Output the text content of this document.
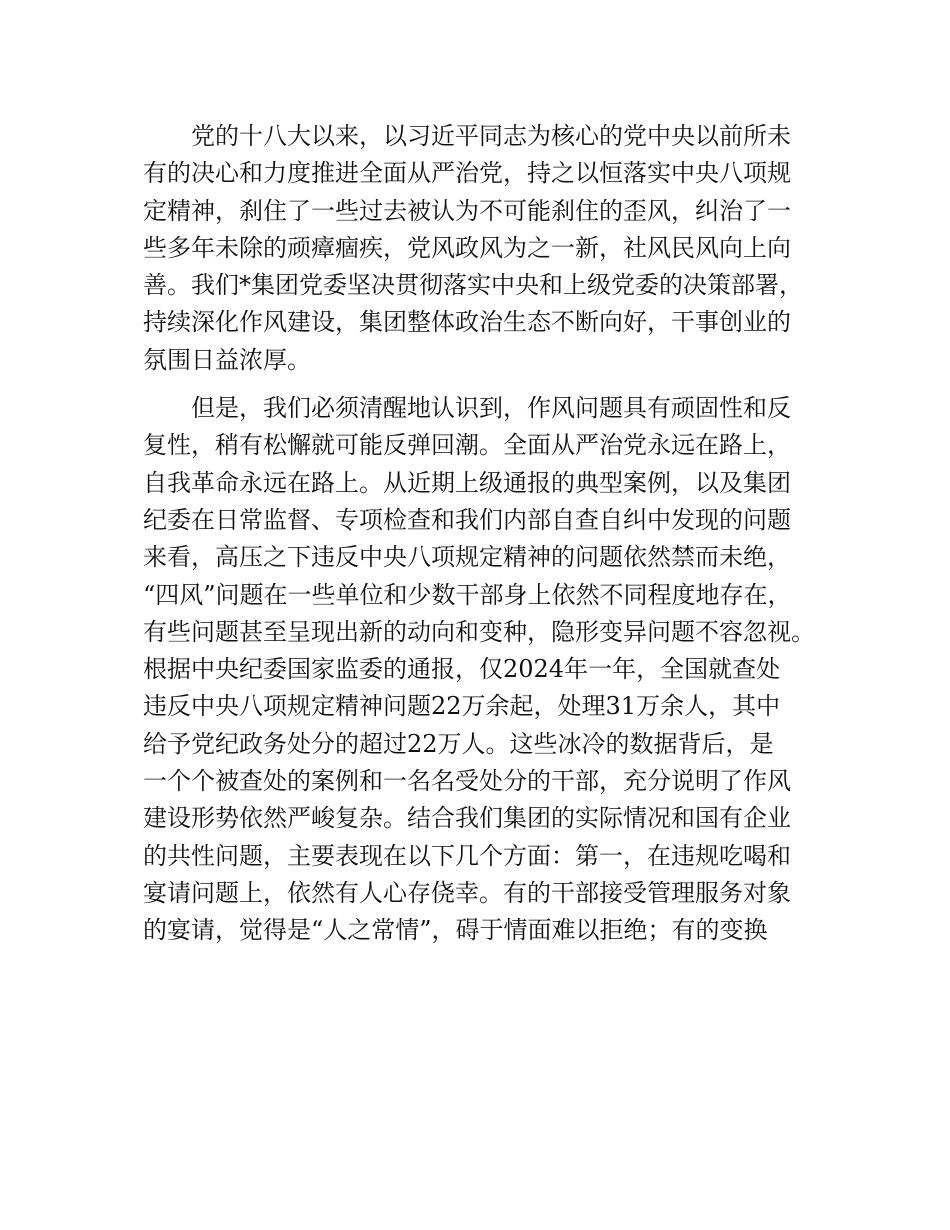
　　党的十八大以来，以习近平同志为核心的党中央以前所未
有的决心和力度推进全面从严治党，持之以恒落实中央八项规
定精神，刹住了一些过去被认为不可能刹住的歪风，纠治了一
些多年未除的顽瘴痼疾，党风政风为之一新，社风民风向上向
善。我们*集团党委坚决贯彻落实中央和上级党委的决策部署，
持续深化作风建设，集团整体政治生态不断向好，干事创业的
氛围日益浓厚。
　　但是，我们必须清醒地认识到，作风问题具有顽固性和反
复性，稍有松懈就可能反弹回潮。全面从严治党永远在路上，
自我革命永远在路上。从近期上级通报的典型案例，以及集团
纪委在日常监督、专项检查和我们内部自查自纠中发现的问题
来看，高压之下违反中央八项规定精神的问题依然禁而未绝，
“四风”问题在一些单位和少数干部身上依然不同程度地存在，
有些问题甚至呈现出新的动向和变种，隐形变异问题不容忽视。
根据中央纪委国家监委的通报，仅2024年一年，全国就查处
违反中央八项规定精神问题22万余起，处理31万余人，其中
给予党纪政务处分的超过22万人。这些冰冷的数据背后，是
一个个被查处的案例和一名名受处分的干部，充分说明了作风
建设形势依然严峻复杂。结合我们集团的实际情况和国有企业
的共性问题，主要表现在以下几个方面：第一，在违规吃喝和
宴请问题上，依然有人心存侥幸。有的干部接受管理服务对象
的宴请，觉得是“人之常情”，碍于情面难以拒绝；有的变换
